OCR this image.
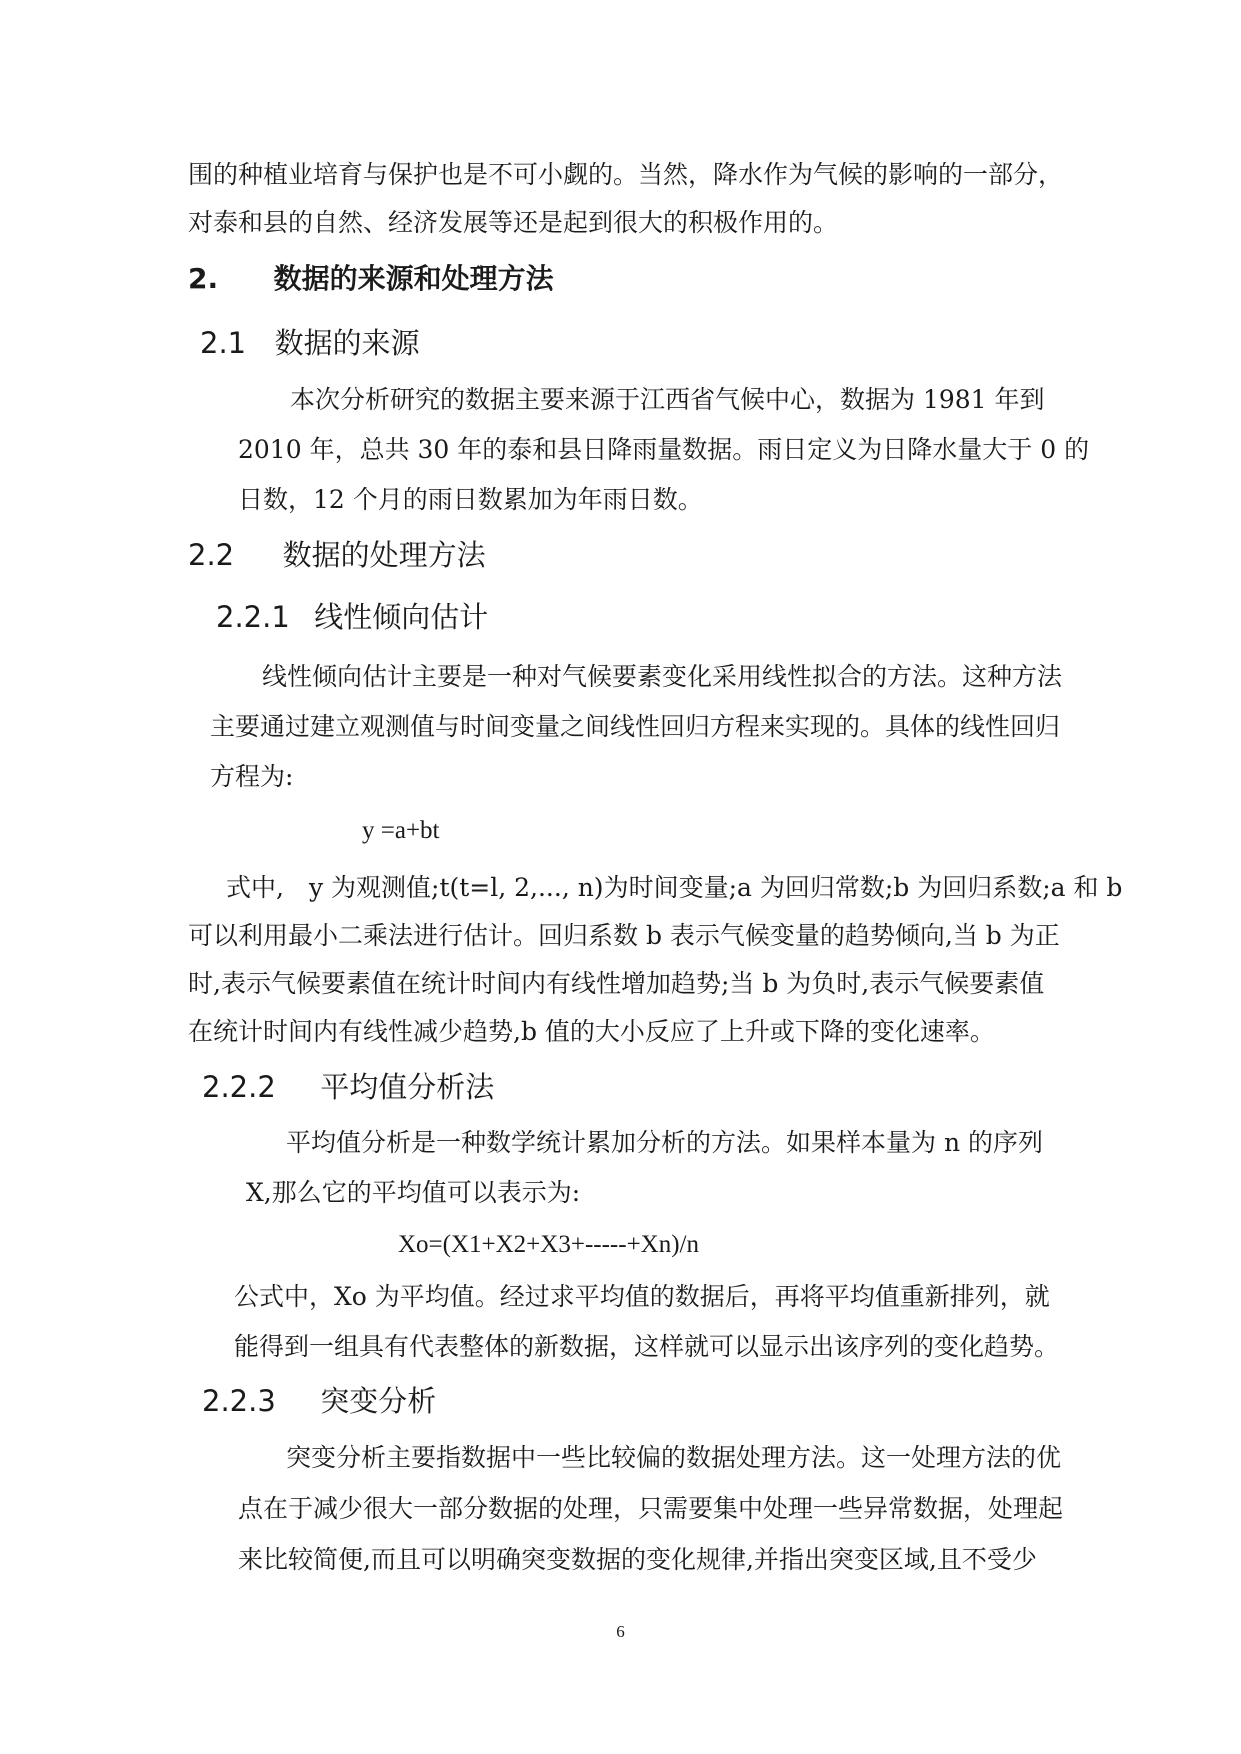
围的种植业培育与保护也是不可小觑的。当然，降水作为气候的影响的一部分，

对泰和县的自然、经济发展等还是起到很大的积极作用的。

2. 数据的来源和处理方法
2.1 数据的来源

本次分析研究的数据主要来源于江西省气候中心，数据为 1981 年到

2010 年，总共 30 年的泰和县日降雨量数据。雨日定义为日降水量大于 0 的

日数，12 个月的雨日数累加为年雨日数。

2.2 数据的处理方法
2.2.1 线性倾向估计

线性倾向估计主要是一种对气候要素变化采用线性拟合的方法。这种方法

主要通过建立观测值与时间变量之间线性回归方程来实现的。具体的线性回归

方程为:

y =a+bt

式中,　y 为观测值;t(t=l, 2,..., n)为时间变量;a 为回归常数;b 为回归系数;a 和 b

可以利用最小二乘法进行估计。回归系数 b 表示气候变量的趋势倾向,当 b 为正

时,表示气候要素值在统计时间内有线性增加趋势;当 b 为负时,表示气候要素值

在统计时间内有线性减少趋势,b 值的大小反应了上升或下降的变化速率。

2.2.2 平均值分析法

平均值分析是一种数学统计累加分析的方法。如果样本量为 n 的序列

X,那么它的平均值可以表示为:

Xo=(X1+X2+X3+-----+Xn)/n

公式中，Xo 为平均值。经过求平均值的数据后，再将平均值重新排列，就

能得到一组具有代表整体的新数据，这样就可以显示出该序列的变化趋势。

2.2.3 突变分析

突变分析主要指数据中一些比较偏的数据处理方法。这一处理方法的优

点在于减少很大一部分数据的处理，只需要集中处理一些异常数据，处理起

来比较简便,而且可以明确突变数据的变化规律,并指出突变区域,且不受少

6
